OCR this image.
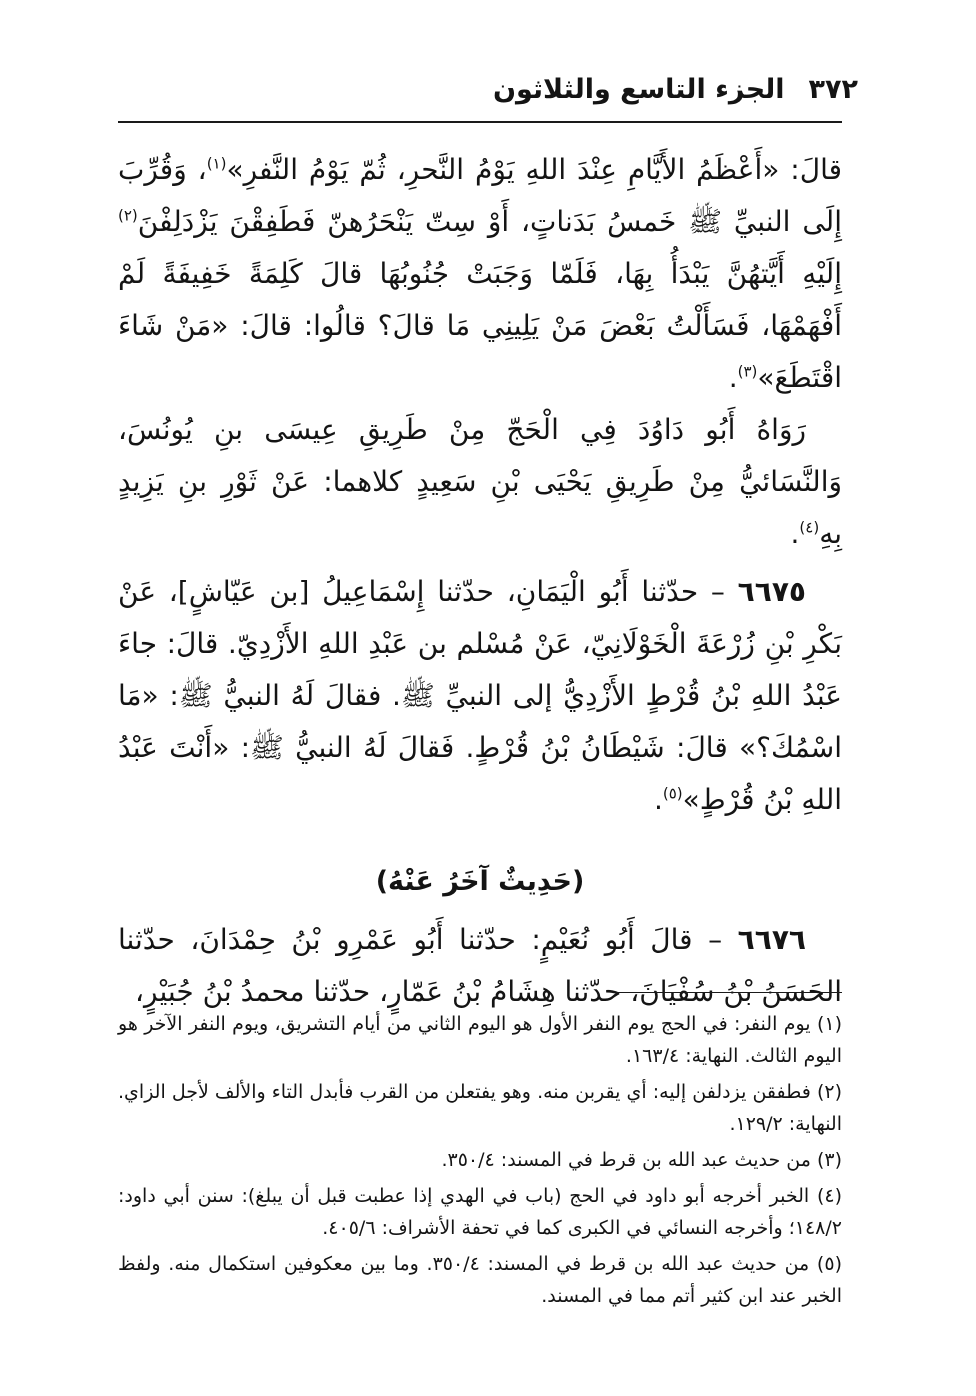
٣٧٢
الجزء التاسع والثلاثون

قالَ: «أَعْظَمُ الأَيَّامِ عِنْدَ اللهِ يَوْمُ النَّحرِ، ثُمّ يَوْمُ النَّفرِ»$^{(١)}$، وَقُرِّبَ إِلَى النبيِّ ﷺ خَمسُ بَدَناتٍ، أَوْ سِتّ يَنْحَرُهنّ فَطَفِقْنَ يَزْدَلِفْنَ$^{(٢)}$ إِلَيْهِ أَيَّتهُنَّ يَبْدَأُ بِهَا، فَلَمّا وَجَبَتْ جُنُوبُهَا قالَ كَلِمَةً خَفِيفَةً لَمْ أَفْهَمْهَا، فَسَأَلْتُ بَعْضَ مَنْ يَلِينِي مَا قالَ؟ قالُوا: قالَ: «مَنْ شَاءَ اقْتَطَعَ»$^{(٣)}$.

رَوَاهُ أَبُو دَاوُدَ فِي الْحَجّ مِنْ طَرِيقِ عِيسَى بنِ يُونُسَ، وَالنَّسَائيُّ مِنْ طَرِيقِ يَحْيَى بْنِ سَعِيدٍ كلاهما: عَنْ ثَوْرِ بنِ يَزِيدٍ بِهِ$^{(٤)}$.

٦٦٧٥ – حدّثنا أَبُو الْيَمَانِ، حدّثنا إِسْمَاعِيلُ [بن عَيّاشٍ]، عَنْ بَكْرِ بْنِ زُرْعَةَ الْخَوْلَانِيّ، عَنْ مُسْلم بن عَبْدِ اللهِ الأَزْدِيّ. قالَ: جاءَ عَبْدُ اللهِ بْنُ قُرْطٍ الأَزْدِيُّ إلى النبيِّ ﷺ. فقالَ لَهُ النبيُّ ﷺ: «مَا اسْمُكَ؟» قالَ: شَيْطَانُ بْنُ قُرْطٍ. فَقالَ لَهُ النبيُّ ﷺ: «أَنْتَ عَبْدُ اللهِ بْنُ قُرْطٍ»$^{(٥)}$.

(حَدِيثٌ آخَرُ عَنْهُ)

٦٦٧٦ – قالَ أَبُو نُعَيْمٍ: حدّثنا أَبُو عَمْرِو بْنُ حِمْدَانَ، حدّثنا الحَسَنُ بْنُ سُفْيَانَ، حدّثنا هِشَامُ بْنُ عَمّارٍ، حدّثنا محمدُ بْنُ جُبَيْرٍ،

(١) يوم النفر: في الحج يوم النفر الأول هو اليوم الثاني من أيام التشريق، ويوم النفر الآخر هو اليوم الثالث. النهاية: ١٦٣/٤.

(٢) فطفقن يزدلفن إليه: أي يقربن منه. وهو يفتعلن من القرب فأبدل التاء والألف لأجل الزاي. النهاية: ١٢٩/٢.

(٣) من حديث عبد الله بن قرط في المسند: ٣٥٠/٤.

(٤) الخبر أخرجه أبو داود في الحج (باب في الهدي إذا عطبت قبل أن يبلغ): سنن أبي داود: ١٤٨/٢؛ وأخرجه النسائي في الكبرى كما في تحفة الأشراف: ٤٠٥/٦.

(٥) من حديث عبد الله بن قرط في المسند: ٣٥٠/٤. وما بين معكوفين استكمال منه. ولفظ الخبر عند ابن كثير أتم مما في المسند.
